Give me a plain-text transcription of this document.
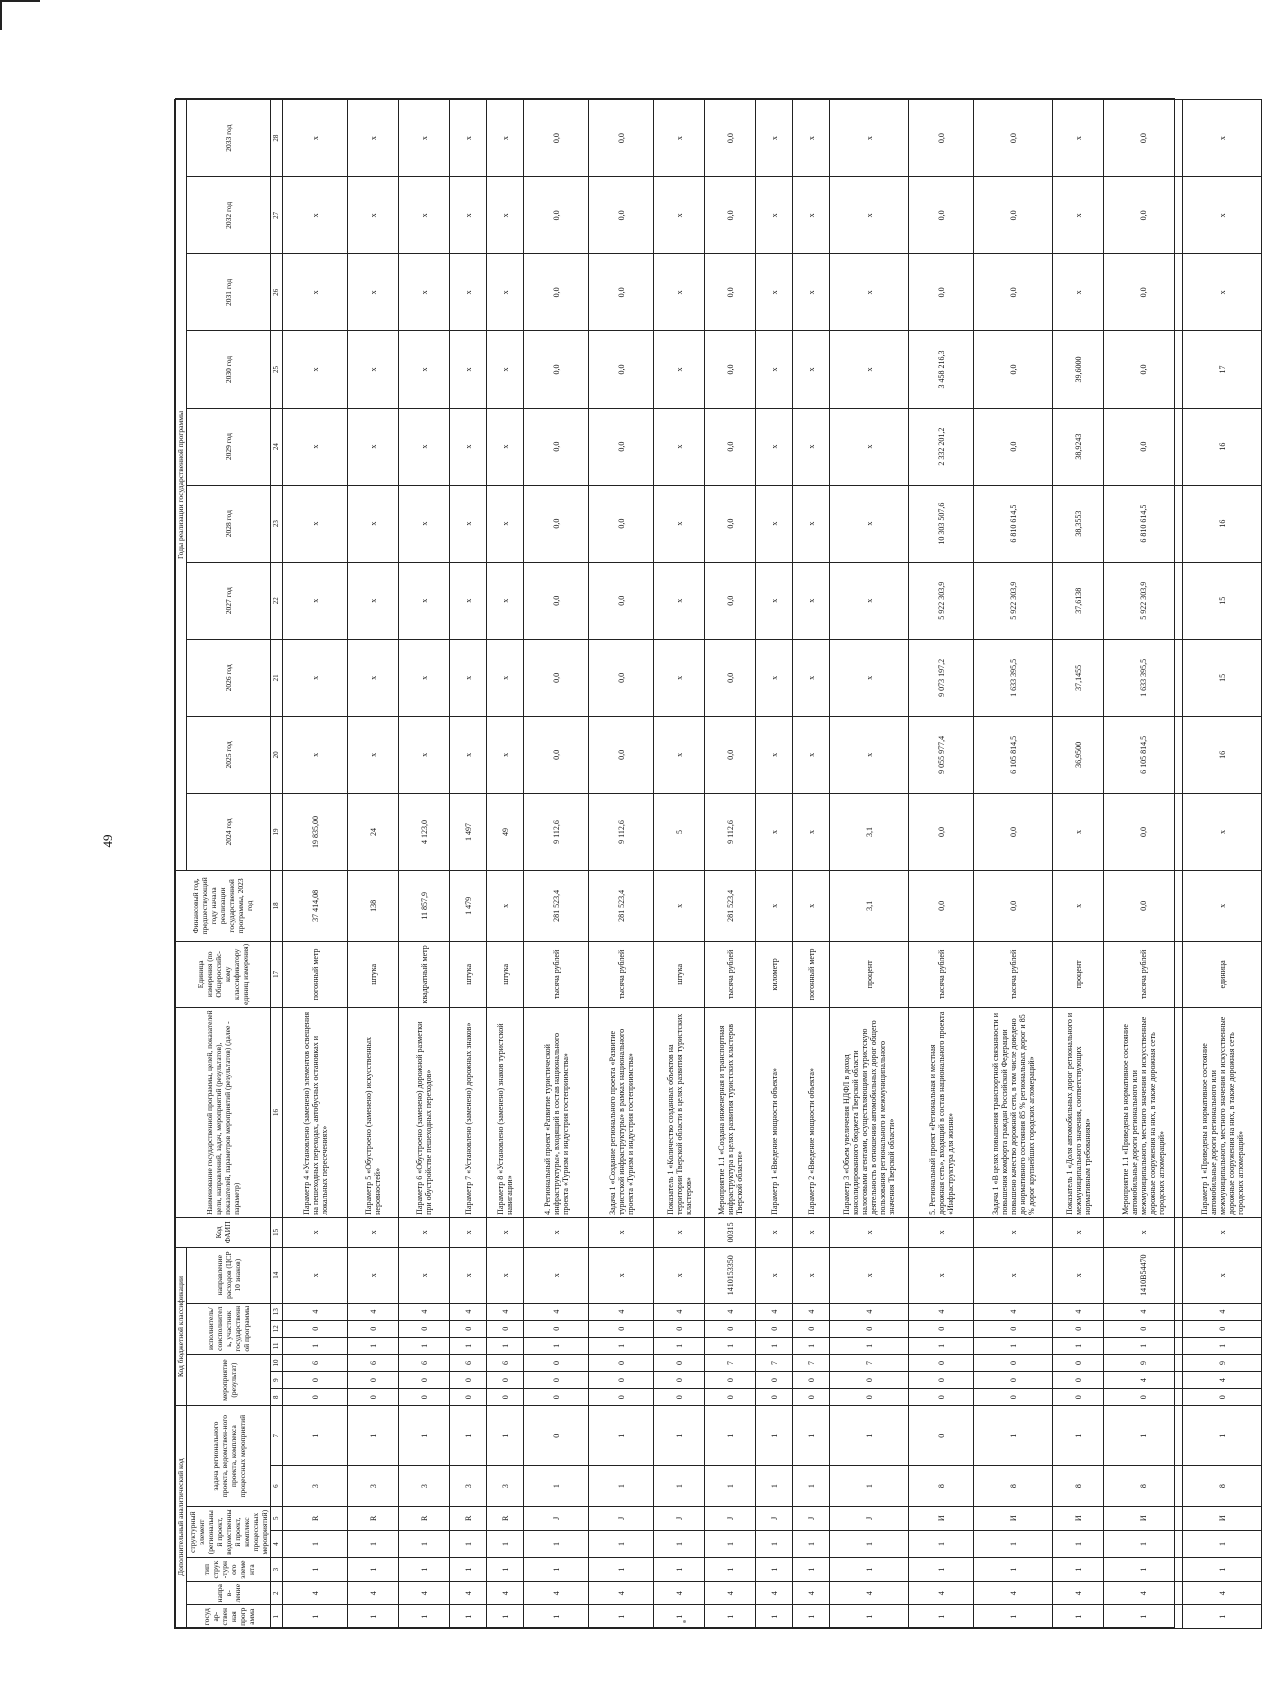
49
Дополнительный аналитический код							Код бюджетной классификации							Код ФАИП	Наименование государственной программы, целей, показателей цели, направлений, задач, мероприятий (результатов), показателей, параметров мероприятий (результатов) (далее - параметр)	Единица измерения (по Общероссийс-кому классификатору единиц измерения)	Финансовый год, предшествующий году начала реализации государственной программы, 2023 год	Годы реализации государственной программы									
государ-ственная программа	направ-ление	тип струк-турного элемента	структурный элемент (региональный проект, ведомственный проект, комплекс процессных мероприятий)		задача регионального проекта, ведомствен-ного проекта, комплекса процессных мероприятий		мероприятие (результат)			исполнитель/ соисполнитель, участник государственной программы			направление расходов (ЦСР 10 знаков)					2024 год	2025 год	2026 год	2027 год	2028 год	2029 год	2030 год	2031 год	2032 год	2033 год

1	2	3	4	5	6	7	8	9	10	11	12	13	14	15	16	17	18	19	20	21	22	23	24	25	26	27	28
1	4	1	1	R	3	1	0	0	6	1	0	4	х	х	Параметр 4 «Установлено (заменено) элементов освещения на пешеходных переходах, автобусных остановках и локальных пересечениях»	погонный метр	37 414,08	19 835,00	х	х	х	х	х	х	х	х	х
1	4	1	1	R	3	1	0	0	6	1	0	4	х	х	Параметр 5 «Обустроено (заменено) искусственных неровностей»	штука	138	24	х	х	х	х	х	х	х	х	х
1	4	1	1	R	3	1	0	0	6	1	0	4	х	х	Параметр 6 «Обустроено (заменено) дорожной разметки при обустройстве пешеходных переходов»	квадратный метр	11 857,9	4 123,0	х	х	х	х	х	х	х	х	х
1	4	1	1	R	3	1	0	0	6	1	0	4	х	х	Параметр 7 «Установлено (заменено) дорожных знаков»	штука	1 479	1 497	х	х	х	х	х	х	х	х	х
1	4	1	1	R	3	1	0	0	6	1	0	4	х	х	Параметр 8 «Установлено (заменено) знаков туристской навигации»	штука	х	49	х	х	х	х	х	х	х	х	х
1	4	1	1	J	1	0	0	0	0	1	0	4	х	х	4. Региональный проект «Развитие туристической инфраструктуры», входящий в состав национального проекта «Туризм и индустрия гостеприимства»	тысяча рублей	281 523,4	9 112,6	0,0	0,0	0,0	0,0	0,0	0,0	0,0	0,0	0,0
1	4	1	1	J	1	1	0	0	0	1	0	4	х	х	Задача 1 «Создание регионального проекта «Развитие туристской инфраструктуры» в рамках национального проекта «Туризм и индустрия гостеприимства»	тысяча рублей	281 523,4	9 112,6	0,0	0,0	0,0	0,0	0,0	0,0	0,0	0,0	0,0
1	4	1	1	J	1	1	0	0	0	1	0	4	х	х	Показатель 1 «Количество созданных объектов на территории Тверской области в целях развития туристских кластеров»	штука	х	5	х	х	х	х	х	х	х	х	х
1	4	1	1	J	1	1	0	0	7	1	0	4	1410153350	00315	Мероприятие 1.1 «Создана инженерная и транспортная инфраструктура в целях развития туристских кластеров Тверской области»	тысяча рублей	281 523,4	9 112,6	0,0	0,0	0,0	0,0	0,0	0,0	0,0	0,0	0,0
1	4	1	1	J	1	1	0	0	7	1	0	4	х	х	Параметр 1 «Введение мощности объекта»	километр	х	х	х	х	х	х	х	х	х	х	х
1	4	1	1	J	1	1	0	0	7	1	0	4	х	х	Параметр 2 «Введение мощности объекта»	погонный метр	х	х	х	х	х	х	х	х	х	х	х
1	4	1	1	J	1	1	0	0	7	1	0	4	х	х	Параметр 3 «Объем увеличения НДФЛ в доход консолидированного бюджета Тверской области налоговыми агентами, осуществляющими туристскую деятельность в отношении автомобильных дорог общего пользования регионального и межмуниципального значения Тверской области»	процент	3,1	3,1	х	х	х	х	х	х	х	х	х
1	4	1	1	И	8	0	0	0	0	1	0	4	х	х	5. Региональный проект «Региональная и местная дорожная сеть», входящий в состав национального проекта «Инфраструктура для жизни»	тысяча рублей	0,0	0,0	9 055 977,4	9 073 197,2	5 922 303,9	10 303 507,6	2 332 201,2	3 458 216,3	0,0	0,0	0,0
1	4	1	1	И	8	1	0	0	0	1	0	4	х	х	Задача 1 «В целях повышения транспортной связанности и повышения комфорта граждан Российской Федерации повышено качество дорожной сети, в том числе доведено до нормативного состояния 85 % региональных дорог и 85 % дорог крупнейших городских агломераций»	тысяча рублей	0,0	0,0	6 105 814,5	1 633 395,5	5 922 303,9	6 810 614,5	0,0	0,0	0,0	0,0	0,0
1	4	1	1	И	8	1	0	0	0	1	0	4	х	х	Показатель 1 «Доля автомобильных дорог регионального и межмуниципального значения, соответствующих нормативным требованиям»	процент	х	х	36,9500	37,1455	37,6138	38,3553	38,9243	39,6000	х	х	х
1	4	1	1	И	8	1	0	4	9	1	0	4	1410В54470	х	Мероприятие 1.1 «Приведены в нормативное состояние автомобильные дороги регионального или межмуниципального, местного значения и искусственные дорожные сооружения на них, в также дорожная сеть городских агломераций»	тысяча рублей	0,0	0,0	6 105 814,5	1 633 395,5	5 922 303,9	6 810 614,5	0,0	0,0	0,0	0,0	0,0
1	4	1	1	И	8	1	0	4	9	1	0	4	х	х	Параметр 1 «Приведены в нормативное состояние автомобильные дороги регионального или межмуниципального, местного значения и искусственные дорожные сооружения на них, в также дорожная сеть городских агломераций»	единица	х	х	16	15	15	16	16	17	х	х	х
